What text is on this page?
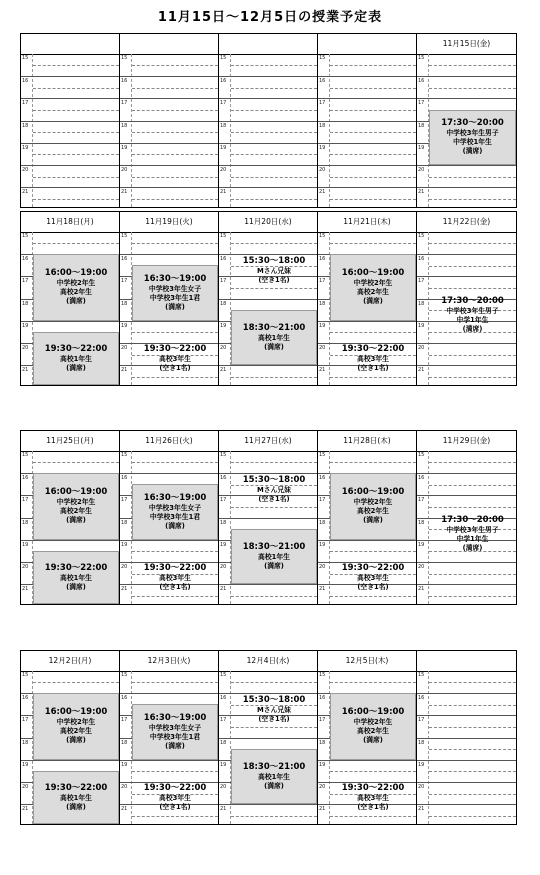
11月15日〜12月5日の授業予定表
15
16
17
18
19
20
21
15
16
17
18
19
20
21
15
16
17
18
19
20
21
15
16
17
18
19
20
21
11月15日(金)
15
16
17
18
19
20
21
17:30〜20:00
中学校3年生男子
中学校1年生
(満席)
11月18日(月)
15
16
17
18
19
20
21
16:00〜19:00
中学校2年生
高校2年生
(満席)
19:30〜22:00
高校1年生
(満席)
11月19日(火)
15
16
17
18
19
20
21
16:30〜19:00
中学校3年生女子
中学校3年生1君
(満席)
19:30〜22:00
高校3年生
(空き1名)
11月20日(水)
15
16
17
18
19
20
21
15:30〜18:00
Mさん兄妹
(空き1名)
18:30〜21:00
高校1年生
(満席)
11月21日(木)
15
16
17
18
19
20
21
16:00〜19:00
中学校2年生
高校2年生
(満席)
19:30〜22:00
高校3年生
(空き1名)
11月22日(金)
15
16
17
18
19
20
21
17:30〜20:00
中学校3年生男子
中学1年生
(満席)
11月25日(月)
15
16
17
18
19
20
21
16:00〜19:00
中学校2年生
高校2年生
(満席)
19:30〜22:00
高校1年生
(満席)
11月26日(火)
15
16
17
18
19
20
21
16:30〜19:00
中学校3年生女子
中学校3年生1君
(満席)
19:30〜22:00
高校3年生
(空き1名)
11月27日(水)
15
16
17
18
19
20
21
15:30〜18:00
Mさん兄妹
(空き1名)
18:30〜21:00
高校1年生
(満席)
11月28日(木)
15
16
17
18
19
20
21
16:00〜19:00
中学校2年生
高校2年生
(満席)
19:30〜22:00
高校3年生
(空き1名)
11月29日(金)
15
16
17
18
19
20
21
17:30〜20:00
中学校3年生男子
中学1年生
(満席)
12月2日(月)
15
16
17
18
19
20
21
16:00〜19:00
中学校2年生
高校2年生
(満席)
19:30〜22:00
高校1年生
(満席)
12月3日(火)
15
16
17
18
19
20
21
16:30〜19:00
中学校3年生女子
中学校3年生1君
(満席)
19:30〜22:00
高校3年生
(空き1名)
12月4日(水)
15
16
17
18
19
20
21
15:30〜18:00
Mさん兄妹
(空き1名)
18:30〜21:00
高校1年生
(満席)
12月5日(木)
15
16
17
18
19
20
21
16:00〜19:00
中学校2年生
高校2年生
(満席)
19:30〜22:00
高校3年生
(空き1名)
15
16
17
18
19
20
21
